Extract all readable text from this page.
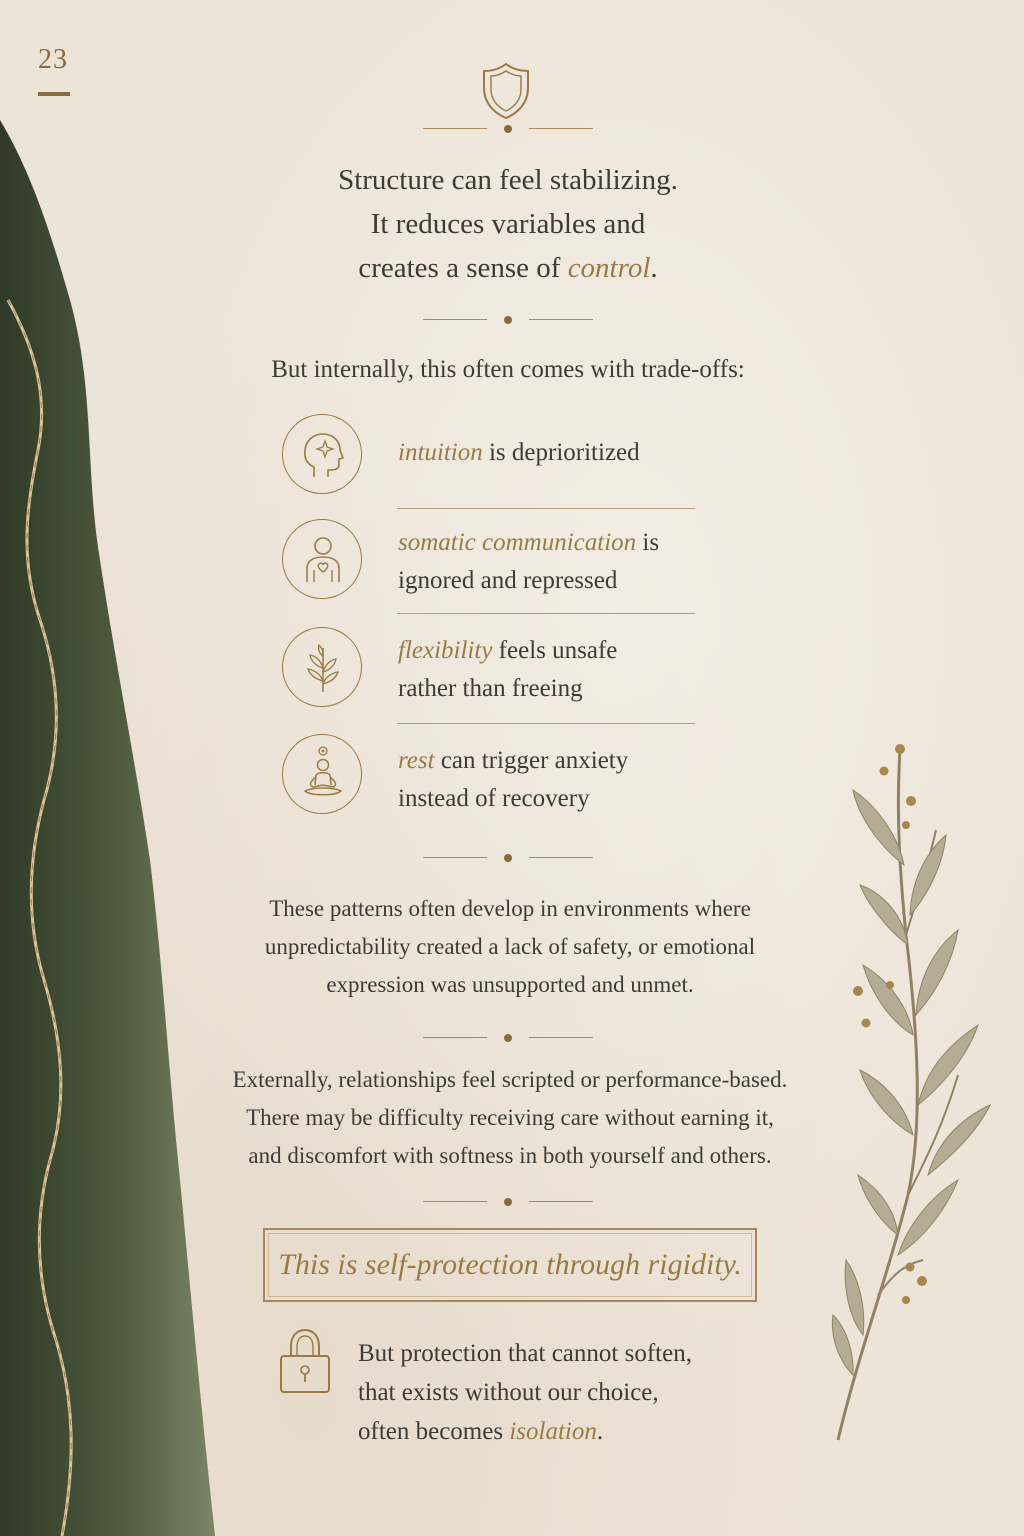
23
Structure can feel stabilizing.
It reduces variables and
creates a sense of control.
But internally, this often comes with trade-offs:
intuition is deprioritized
somatic communication is
ignored and repressed
flexibility feels unsafe
rather than freeing
rest can trigger anxiety
instead of recovery
These patterns often develop in environments where
unpredictability created a lack of safety, or emotional
expression was unsupported and unmet.
Externally, relationships feel scripted or performance-based.
There may be difficulty receiving care without earning it,
and discomfort with softness in both yourself and others.
This is self-protection through rigidity.
But protection that cannot soften,
that exists without our choice,
often becomes isolation.
